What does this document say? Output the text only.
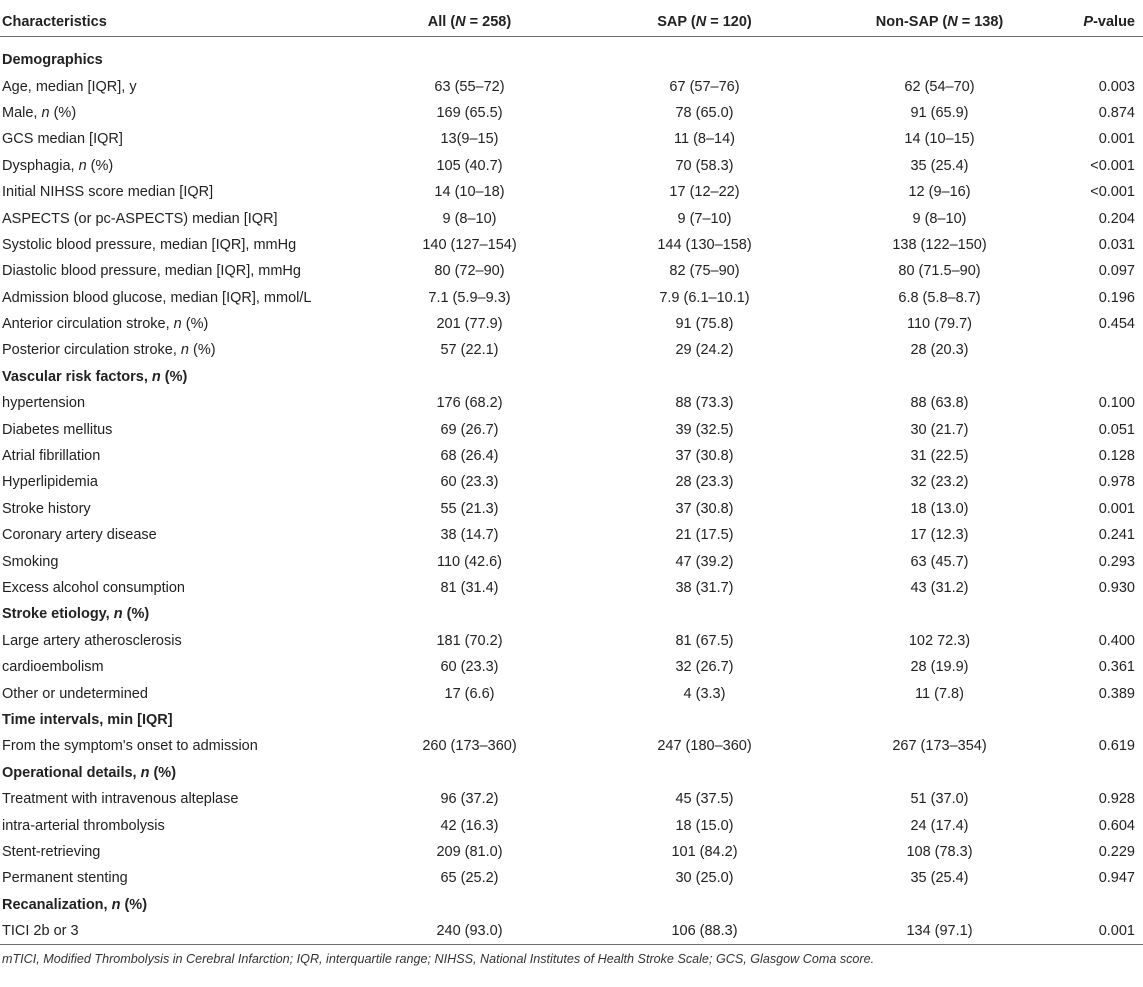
Characteristics	All (N = 258)	SAP (N = 120)	Non-SAP (N = 138)	P-value

Demographics				
Age, median [IQR], y	63 (55–72)	67 (57–76)	62 (54–70)	0.003
Male, n (%)	169 (65.5)	78 (65.0)	91 (65.9)	0.874
GCS median [IQR]	13(9–15)	11 (8–14)	14 (10–15)	0.001
Dysphagia, n (%)	105 (40.7)	70 (58.3)	35 (25.4)	<0.001
Initial NIHSS score median [IQR]	14 (10–18)	17 (12–22)	12 (9–16)	<0.001
ASPECTS (or pc-ASPECTS) median [IQR]	9 (8–10)	9 (7–10)	9 (8–10)	0.204
Systolic blood pressure, median [IQR], mmHg	140 (127–154)	144 (130–158)	138 (122–150)	0.031
Diastolic blood pressure, median [IQR], mmHg	80 (72–90)	82 (75–90)	80 (71.5–90)	0.097
Admission blood glucose, median [IQR], mmol/L	7.1 (5.9–9.3)	7.9 (6.1–10.1)	6.8 (5.8–8.7)	0.196
Anterior circulation stroke, n (%)	201 (77.9)	91 (75.8)	110 (79.7)	0.454
Posterior circulation stroke, n (%)	57 (22.1)	29 (24.2)	28 (20.3)	
Vascular risk factors, n (%)				
hypertension	176 (68.2)	88 (73.3)	88 (63.8)	0.100
Diabetes mellitus	69 (26.7)	39 (32.5)	30 (21.7)	0.051
Atrial fibrillation	68 (26.4)	37 (30.8)	31 (22.5)	0.128
Hyperlipidemia	60 (23.3)	28 (23.3)	32 (23.2)	0.978
Stroke history	55 (21.3)	37 (30.8)	18 (13.0)	0.001
Coronary artery disease	38 (14.7)	21 (17.5)	17 (12.3)	0.241
Smoking	110 (42.6)	47 (39.2)	63 (45.7)	0.293
Excess alcohol consumption	81 (31.4)	38 (31.7)	43 (31.2)	0.930
Stroke etiology, n (%)				
Large artery atherosclerosis	181 (70.2)	81 (67.5)	102 72.3)	0.400
cardioembolism	60 (23.3)	32 (26.7)	28 (19.9)	0.361
Other or undetermined	17 (6.6)	4 (3.3)	11 (7.8)	0.389
Time intervals, min [IQR]				
From the symptom's onset to admission	260 (173–360)	247 (180–360)	267 (173–354)	0.619
Operational details, n (%)				
Treatment with intravenous alteplase	96 (37.2)	45 (37.5)	51 (37.0)	0.928
intra-arterial thrombolysis	42 (16.3)	18 (15.0)	24 (17.4)	0.604
Stent-retrieving	209 (81.0)	101 (84.2)	108 (78.3)	0.229
Permanent stenting	65 (25.2)	30 (25.0)	35 (25.4)	0.947
Recanalization, n (%)				
TICI 2b or 3	240 (93.0)	106 (88.3)	134 (97.1)	0.001
mTICI, Modified Thrombolysis in Cerebral Infarction; IQR, interquartile range; NIHSS, National Institutes of Health Stroke Scale; GCS, Glasgow Coma score.
